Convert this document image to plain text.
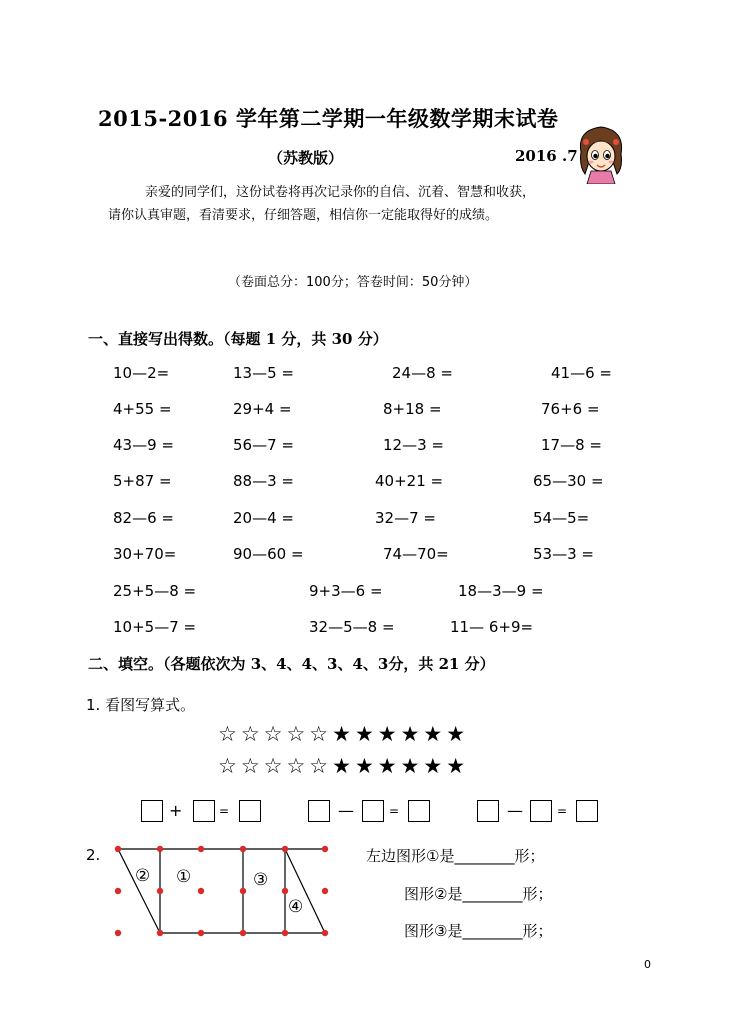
2015-2016 学年第二学期一年级数学期末试卷
（苏教版）	2016 .7
亲爱的同学们，这份试卷将再次记录你的自信、沉着、智慧和收获，
请你认真审题，看清要求，仔细答题，相信你一定能取得好的成绩。
（卷面总分：100分；答卷时间：50分钟）
一、直接写出得数。（每题 1 分，共 30 分）
10—2=	13—5 =	24—8 =	41—6 =
4+55 =	29+4 =	8+18 =	76+6 =
43—9 =	56—7 =	12—3 =	17—8 =
5+87 =	88—3 =	40+21 =	65—30 =
82—6 =	20—4 =	32—7 =	54—5=
30+70=	90—60 =	74—70=	53—3 =
25+5—8 =	9+3—6 =	18—3—9 =
10+5—7 =	32—5—8 =	11— 6+9=
二、填空。（各题依次为 3、4、4、3、4、3分，共 21 分）
1. 看图写算式。
☆☆☆☆☆★★★★★★
☆☆☆☆☆★★★★★★
+	=	—	=	—	=
2.
② ①	③
④
左边图形①是________形；
图形②是________形；
图形③是________形；
0
